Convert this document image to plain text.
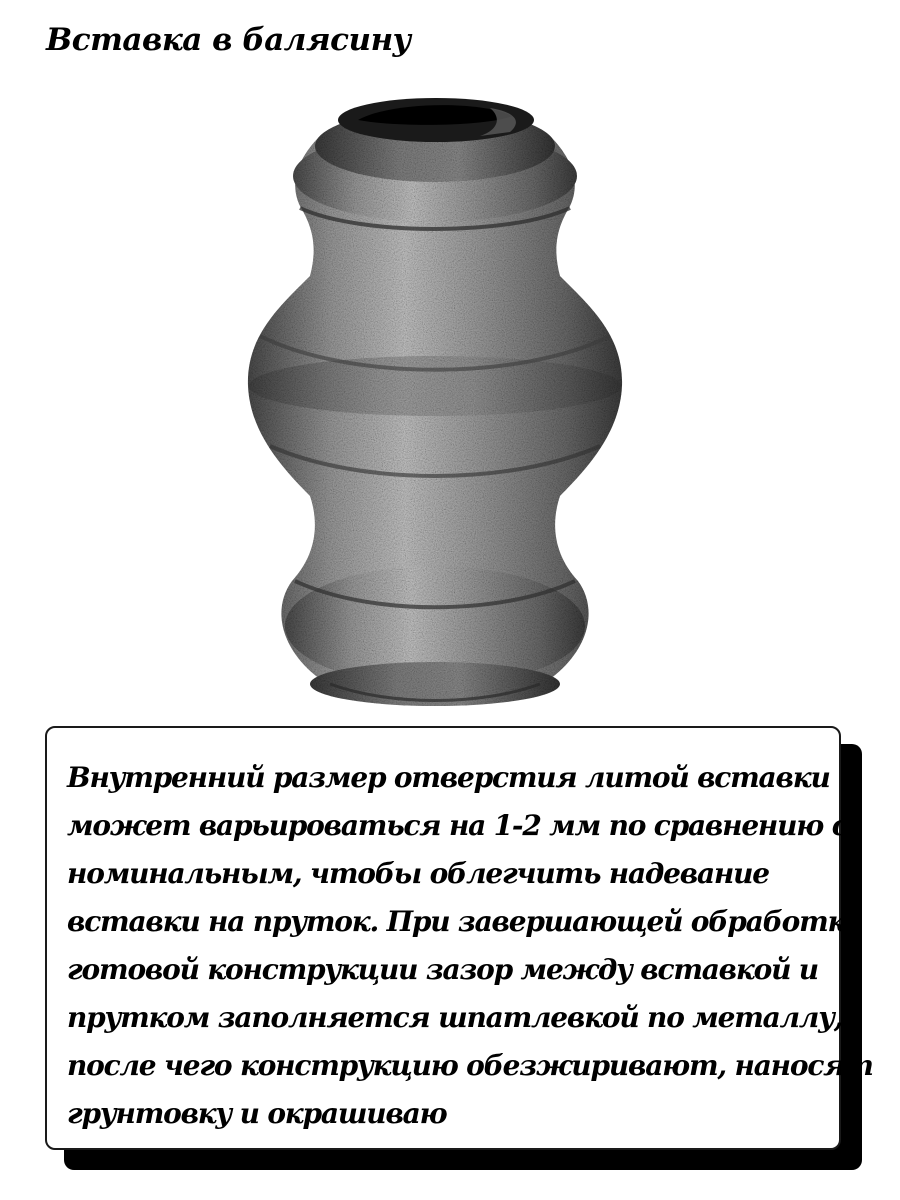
Вставка в балясину

Внутренний размер отверстия литой вставки
может варьироваться на 1-2 мм по сравнению с
номинальным, чтобы облегчить надевание
вставки на пруток. При завершающей обработке
готовой конструкции зазор между вставкой и
прутком заполняется шпатлевкой по металлу,
после чего конструкцию обезжиривают, наносят
грунтовку и окрашиваю
